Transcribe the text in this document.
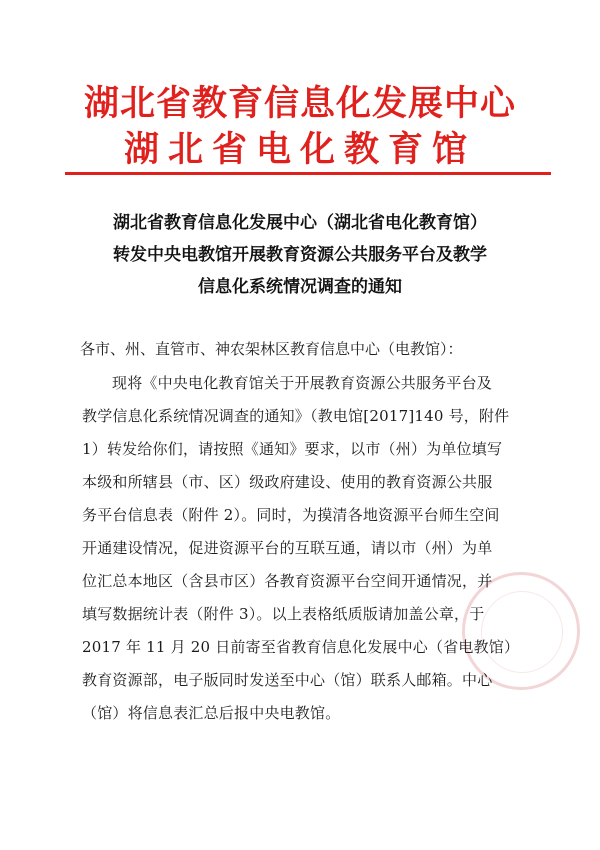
湖北省教育信息化发展中心
湖北省电化教育馆
湖北省教育信息化发展中心（湖北省电化教育馆）
转发中央电教馆开展教育资源公共服务平台及教学
信息化系统情况调查的通知
各市、州、直管市、神农架林区教育信息中心（电教馆）：
现将《中央电化教育馆关于开展教育资源公共服务平台及
教学信息化系统情况调查的通知》（教电馆[2017]140 号，附件
1）转发给你们，请按照《通知》要求，以市（州）为单位填写
本级和所辖县（市、区）级政府建设、使用的教育资源公共服
务平台信息表（附件 2）。同时，为摸清各地资源平台师生空间
开通建设情况，促进资源平台的互联互通，请以市（州）为单
位汇总本地区（含县市区）各教育资源平台空间开通情况，并
填写数据统计表（附件 3）。以上表格纸质版请加盖公章，于
2017 年 11 月 20 日前寄至省教育信息化发展中心（省电教馆）
教育资源部，电子版同时发送至中心（馆）联系人邮箱。中心
（馆）将信息表汇总后报中央电教馆。
